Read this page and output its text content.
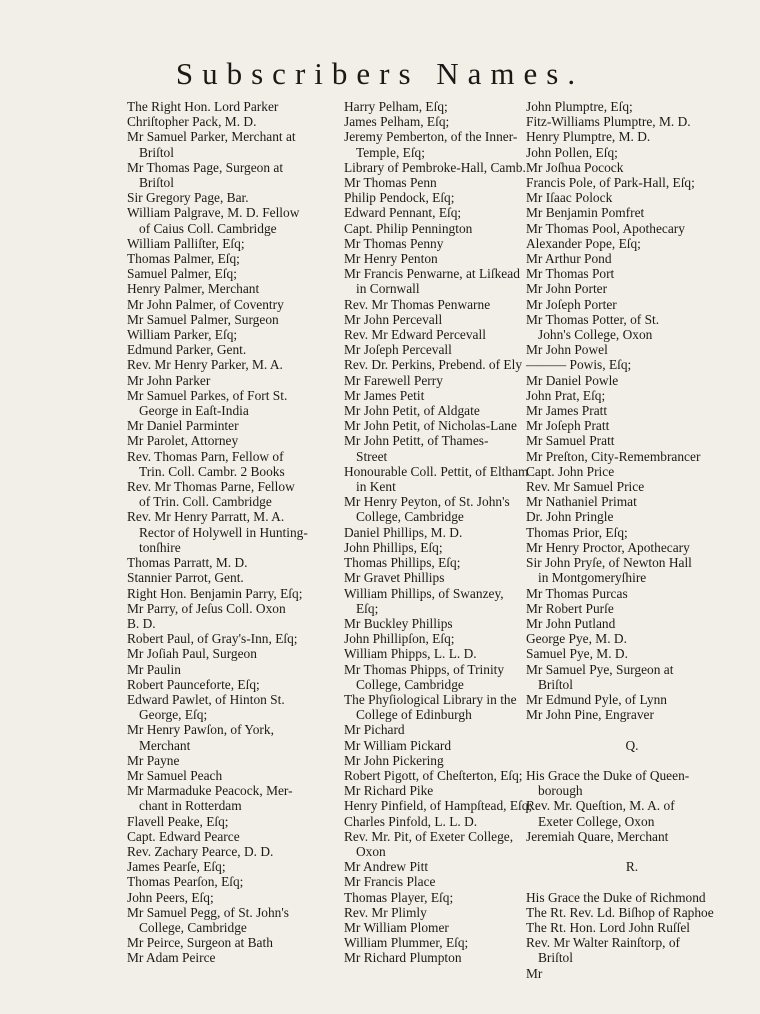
Subscribers Names.
The Right Hon. Lord Parker
Chriſtopher Pack, M. D.
Mr Samuel Parker, Merchant at
Briſtol
Mr Thomas Page, Surgeon at
Briſtol
Sir Gregory Page, Bar.
William Palgrave, M. D. Fellow
of Caius Coll. Cambridge
William Palliſter, Eſq;
Thomas Palmer, Eſq;
Samuel Palmer, Eſq;
Henry Palmer, Merchant
Mr John Palmer, of Coventry
Mr Samuel Palmer, Surgeon
William Parker, Eſq;
Edmund Parker, Gent.
Rev. Mr Henry Parker, M. A.
Mr John Parker
Mr Samuel Parkes, of Fort St.
George in Eaſt-India
Mr Daniel Parminter
Mr Parolet, Attorney
Rev. Thomas Parn, Fellow of
Trin. Coll. Cambr. 2 Books
Rev. Mr Thomas Parne, Fellow
of Trin. Coll. Cambridge
Rev. Mr Henry Parratt, M. A.
Rector of Holywell in Hunting-
tonſhire
Thomas Parratt, M. D.
Stannier Parrot, Gent.
Right Hon. Benjamin Parry, Eſq;
Mr Parry, of Jeſus Coll. Oxon
B. D.
Robert Paul, of Gray's-Inn, Eſq;
Mr Joſiah Paul, Surgeon
Mr Paulin
Robert Paunceforte, Eſq;
Edward Pawlet, of Hinton St.
George, Eſq;
Mr Henry Pawſon, of York,
Merchant
Mr Payne
Mr Samuel Peach
Mr Marmaduke Peacock, Mer-
chant in Rotterdam
Flavell Peake, Eſq;
Capt. Edward Pearce
Rev. Zachary Pearce, D. D.
James Pearſe, Eſq;
Thomas Pearſon, Eſq;
John Peers, Eſq;
Mr Samuel Pegg, of St. John's
College, Cambridge
Mr Peirce, Surgeon at Bath
Mr Adam Peirce
Harry Pelham, Eſq;
James Pelham, Eſq;
Jeremy Pemberton, of the Inner-
Temple, Eſq;
Library of Pembroke-Hall, Camb.
Mr Thomas Penn
Philip Pendock, Eſq;
Edward Pennant, Eſq;
Capt. Philip Pennington
Mr Thomas Penny
Mr Henry Penton
Mr Francis Penwarne, at Liſkead
in Cornwall
Rev. Mr Thomas Penwarne
Mr John Percevall
Rev. Mr Edward Percevall
Mr Joſeph Percevall
Rev. Dr. Perkins, Prebend. of Ely
Mr Farewell Perry
Mr James Petit
Mr John Petit, of Aldgate
Mr John Petit, of Nicholas-Lane
Mr John Petitt, of Thames-
Street
Honourable Coll. Pettit, of Eltham
in Kent
Mr Henry Peyton, of St. John's
College, Cambridge
Daniel Phillips, M. D.
John Phillips, Eſq;
Thomas Phillips, Eſq;
Mr Gravet Phillips
William Phillips, of Swanzey,
Eſq;
Mr Buckley Phillips
John Phillipſon, Eſq;
William Phipps, L. L. D.
Mr Thomas Phipps, of Trinity
College, Cambridge
The Phyſiological Library in the
College of Edinburgh
Mr Pichard
Mr William Pickard
Mr John Pickering
Robert Pigott, of Cheſterton, Eſq;
Mr Richard Pike
Henry Pinfield, of Hampſtead, Eſq;
Charles Pinfold, L. L. D.
Rev. Mr. Pit, of Exeter College,
Oxon
Mr Andrew Pitt
Mr Francis Place
Thomas Player, Eſq;
Rev. Mr Plimly
Mr William Plomer
William Plummer, Eſq;
Mr Richard Plumpton
John Plumptre, Eſq;
Fitz-Williams Plumptre, M. D.
Henry Plumptre, M. D.
John Pollen, Eſq;
Mr Joſhua Pocock
Francis Pole, of Park-Hall, Eſq;
Mr Iſaac Polock
Mr Benjamin Pomfret
Mr Thomas Pool, Apothecary
Alexander Pope, Eſq;
Mr Arthur Pond
Mr Thomas Port
Mr John Porter
Mr Joſeph Porter
Mr Thomas Potter, of St.
John's College, Oxon
Mr John Powel
——— Powis, Eſq;
Mr Daniel Powle
John Prat, Eſq;
Mr James Pratt
Mr Joſeph Pratt
Mr Samuel Pratt
Mr Preſton, City-Remembrancer
Capt. John Price
Rev. Mr Samuel Price
Mr Nathaniel Primat
Dr. John Pringle
Thomas Prior, Eſq;
Mr Henry Proctor, Apothecary
Sir John Pryſe, of Newton Hall
in Montgomeryſhire
Mr Thomas Purcas
Mr Robert Purſe
Mr John Putland
George Pye, M. D.
Samuel Pye, M. D.
Mr Samuel Pye, Surgeon at
Briſtol
Mr Edmund Pyle, of Lynn
Mr John Pine, Engraver
Q.
His Grace the Duke of Queen-
borough
Rev. Mr. Queſtion, M. A. of
Exeter College, Oxon
Jeremiah Quare, Merchant
R.
His Grace the Duke of Richmond
The Rt. Rev. Ld. Biſhop of Raphoe
The Rt. Hon. Lord John Ruſſel
Rev. Mr Walter Rainſtorp, of
Briſtol
Mr
